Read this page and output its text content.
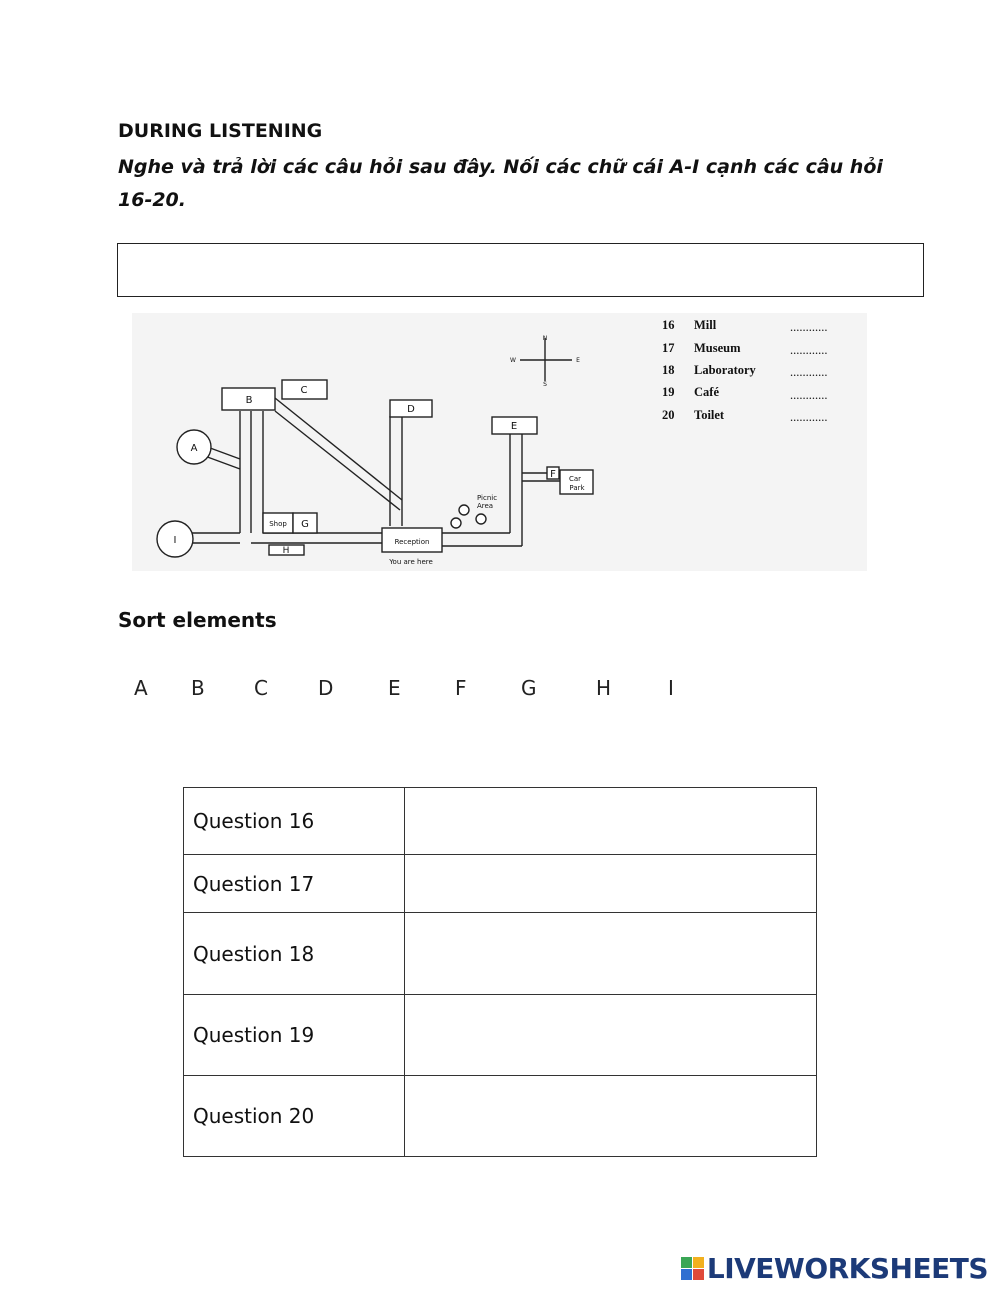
DURING LISTENING
Nghe và trả lời các câu hỏi sau đây. Nối các chữ cái A-I cạnh các câu hỏi 16-20.
A
I
B
C
D
E
F
G
H
Shop
Reception
You are here
Car
Park
Picnic
Area
N
S
E
W
16 Mill	............
17 Museum	............
18 Laboratory	............
19 Café	............
20 Toilet	............
Sort elements
A B C	D	E	F	G	H	I
Question 16	
Question 17	
Question 18	
Question 19	
Question 20	
LIVEWORKSHEETS
